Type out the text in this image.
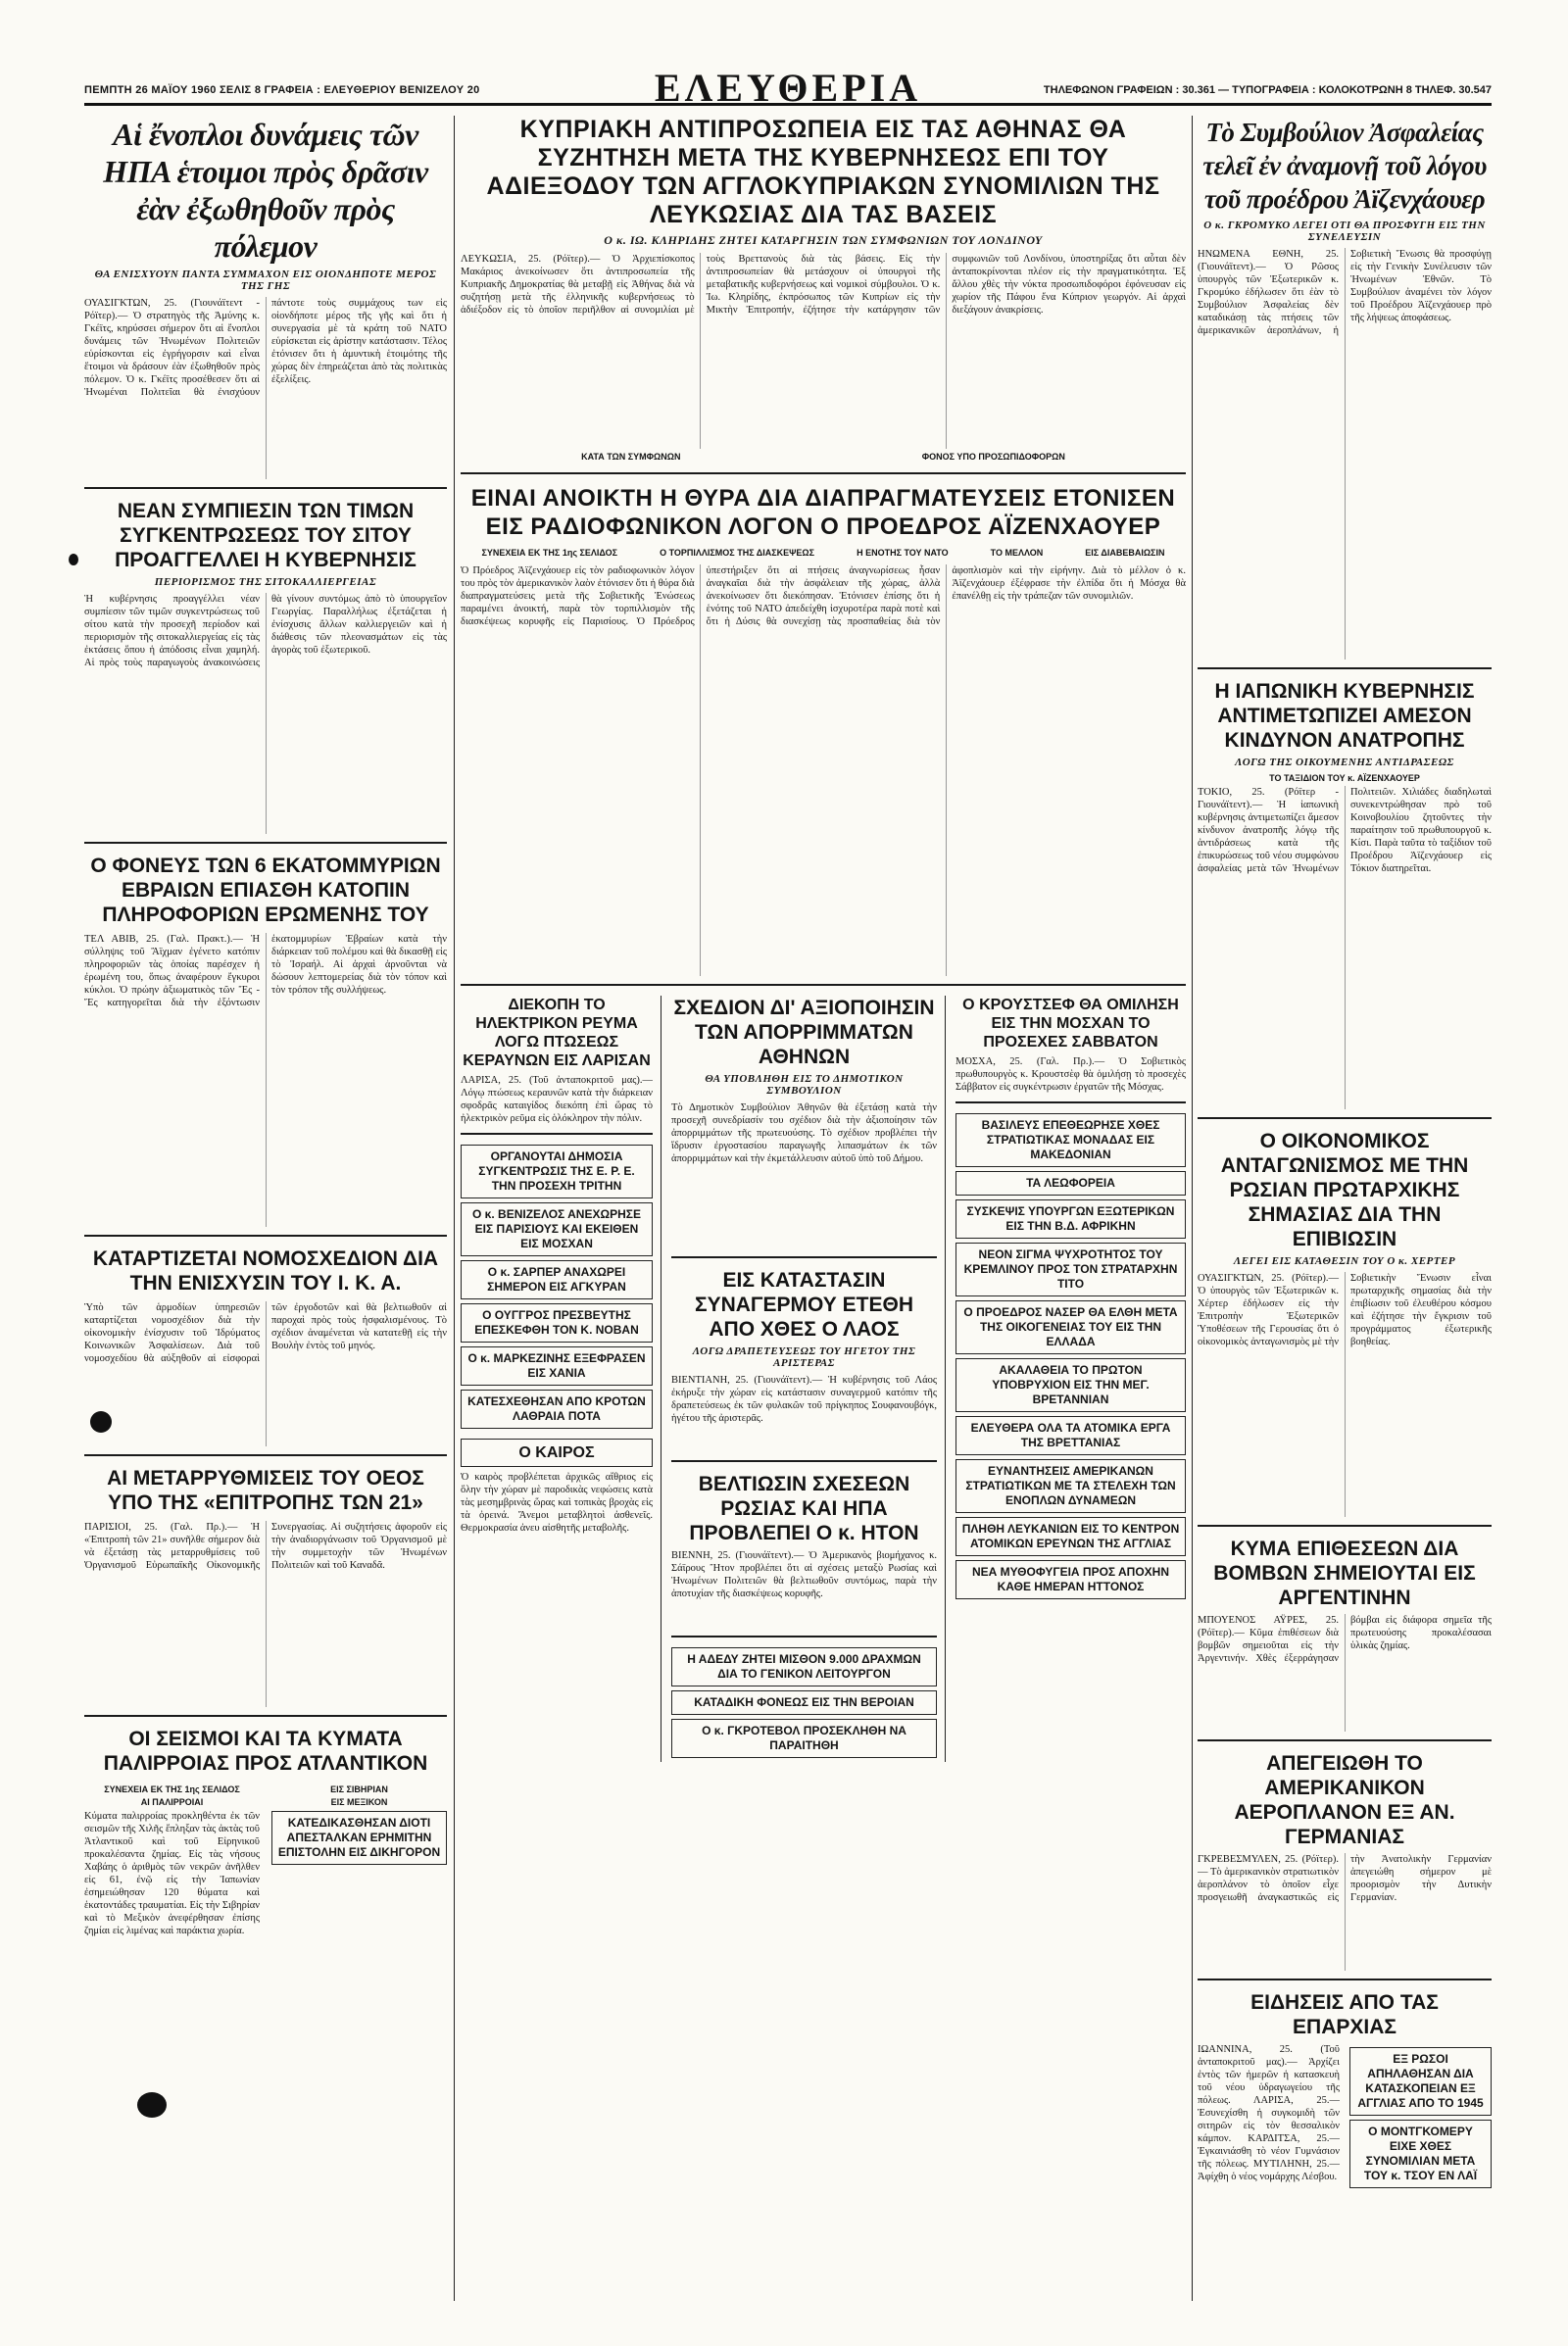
ΠΕΜΠΤΗ 26 ΜΑΪΟΥ 1960 ΣΕΛΙΣ 8 ΓΡΑΦΕΙΑ : ΕΛΕΥΘΕΡΙΟΥ ΒΕΝΙΖΕΛΟΥ 20	ΕΛΕΥΘΕΡΙΑ	ΤΗΛΕΦΩΝΟΝ ΓΡΑΦΕΙΩΝ : 30.361 — ΤΥΠΟΓΡΑΦΕΙΑ : ΚΟΛΟΚΟΤΡΩΝΗ 8 ΤΗΛΕΦ. 30.547
Αἱ ἔνοπλοι δυνάμεις τῶν ΗΠΑ ἑτοιμοι πρὸς δρᾶσιν ἐὰν ἐξωθηθοῦν πρὸς πόλεμον
ΘΑ ΕΝΙΣΧΥΟΥΝ ΠΑΝΤΑ ΣΥΜΜΑΧΟΝ ΕΙΣ ΟΙΟΝΔΗΠΟΤΕ ΜΕΡΟΣ ΤΗΣ ΓΗΣ
ΟΥΑΣΙΓΚΤΩΝ, 25. (Γιουνάϊτεντ - Ρόϊτερ).— Ὁ στρατηγὸς τῆς Ἀμύνης κ. Γκέϊτς, κηρύσσει σήμερον ὅτι αἱ ἔνοπλοι δυνάμεις τῶν Ἡνωμένων Πολιτειῶν εὑρίσκονται εἰς ἐγρήγορσιν καὶ εἶναι ἕτοιμοι νὰ δράσουν ἐὰν ἐξωθηθοῦν πρὸς πόλεμον. Ὁ κ. Γκέϊτς προσέθεσεν ὅτι αἱ Ἡνωμέναι Πολιτεῖαι θὰ ἐνισχύουν πάντοτε τοὺς συμμάχους των εἰς οἱονδήποτε μέρος τῆς γῆς καὶ ὅτι ἡ συνεργασία μὲ τὰ κράτη τοῦ ΝΑΤΟ εὑρίσκεται εἰς ἀρίστην κατάστασιν. Τέλος ἐτόνισεν ὅτι ἡ ἀμυντικὴ ἑτοιμότης τῆς χώρας δὲν ἐπηρεάζεται ἀπὸ τὰς πολιτικὰς ἐξελίξεις.
ΝΕΑΝ ΣΥΜΠΙΕΣΙΝ ΤΩΝ ΤΙΜΩΝ ΣΥΓΚΕΝΤΡΩΣΕΩΣ ΤΟΥ ΣΙΤΟΥ ΠΡΟΑΓΓΕΛΛΕΙ Η ΚΥΒΕΡΝΗΣΙΣ
ΠΕΡΙΟΡΙΣΜΟΣ ΤΗΣ ΣΙΤΟΚΑΛΛΙΕΡΓΕΙΑΣ
Ἡ κυβέρνησις προαγγέλλει νέαν συμπίεσιν τῶν τιμῶν συγκεντρώσεως τοῦ σίτου κατὰ τὴν προσεχῆ περίοδον καὶ περιορισμὸν τῆς σιτοκαλλιεργείας εἰς τὰς ἐκτάσεις ὅπου ἡ ἀπόδοσις εἶναι χαμηλή. Αἱ πρὸς τοὺς παραγωγοὺς ἀνακοινώσεις θὰ γίνουν συντόμως ἀπὸ τὸ ὑπουργεῖον Γεωργίας. Παραλλήλως ἐξετάζεται ἡ ἐνίσχυσις ἄλλων καλλιεργειῶν καὶ ἡ διάθεσις τῶν πλεονασμάτων εἰς τὰς ἀγορὰς τοῦ ἐξωτερικοῦ.
Ο ΦΟΝΕΥΣ ΤΩΝ 6 ΕΚΑΤΟΜΜΥΡΙΩΝ ΕΒΡΑΙΩΝ ΕΠΙΑΣΘΗ ΚΑΤΟΠΙΝ ΠΛΗΡΟΦΟΡΙΩΝ ΕΡΩΜΕΝΗΣ ΤΟΥ
ΤΕΛ ΑΒΙΒ, 25. (Γαλ. Πρακτ.).— Ἡ σύλληψις τοῦ Ἄϊχμαν ἐγένετο κατόπιν πληροφοριῶν τὰς ὁποίας παρέσχεν ἡ ἐρωμένη του, ὅπως ἀναφέρουν ἔγκυροι κύκλοι. Ὁ πρώην ἀξιωματικὸς τῶν Ἔς - Ἔς κατηγορεῖται διὰ τὴν ἐξόντωσιν ἑκατομμυρίων Ἑβραίων κατὰ τὴν διάρκειαν τοῦ πολέμου καὶ θὰ δικασθῇ εἰς τὸ Ἰσραήλ. Αἱ ἀρχαὶ ἀρνοῦνται νὰ δώσουν λεπτομερείας διὰ τὸν τόπον καὶ τὸν τρόπον τῆς συλλήψεως.
ΚΑΤΑΡΤΙΖΕΤΑΙ ΝΟΜΟΣΧΕΔΙΟΝ ΔΙΑ ΤΗΝ ΕΝΙΣΧΥΣΙΝ ΤΟΥ Ι. Κ. Α.
Ὑπὸ τῶν ἁρμοδίων ὑπηρεσιῶν καταρτίζεται νομοσχέδιον διὰ τὴν οἰκονομικὴν ἐνίσχυσιν τοῦ Ἱδρύματος Κοινωνικῶν Ἀσφαλίσεων. Διὰ τοῦ νομοσχεδίου θὰ αὐξηθοῦν αἱ εἰσφοραὶ τῶν ἐργοδοτῶν καὶ θὰ βελτιωθοῦν αἱ παροχαὶ πρὸς τοὺς ἠσφαλισμένους. Τὸ σχέδιον ἀναμένεται νὰ κατατεθῇ εἰς τὴν Βουλὴν ἐντὸς τοῦ μηνός.
ΑΙ ΜΕΤΑΡΡΥΘΜΙΣΕΙΣ ΤΟΥ ΟΕΟΣ ΥΠΟ ΤΗΣ «ΕΠΙΤΡΟΠΗΣ ΤΩΝ 21»
ΠΑΡΙΣΙΟΙ, 25. (Γαλ. Πρ.).— Ἡ «Ἐπιτροπὴ τῶν 21» συνῆλθε σήμερον διὰ νὰ ἐξετάσῃ τὰς μεταρρυθμίσεις τοῦ Ὀργανισμοῦ Εὐρωπαϊκῆς Οἰκονομικῆς Συνεργασίας. Αἱ συζητήσεις ἀφοροῦν εἰς τὴν ἀναδιοργάνωσιν τοῦ Ὀργανισμοῦ μὲ τὴν συμμετοχὴν τῶν Ἡνωμένων Πολιτειῶν καὶ τοῦ Καναδᾶ.
ΟΙ ΣΕΙΣΜΟΙ ΚΑΙ ΤΑ ΚΥΜΑΤΑ ΠΑΛΙΡΡΟΙΑΣ ΠΡΟΣ ΑΤΛΑΝΤΙΚΟΝ
ΣΥΝΕΧΕΙΑ ΕΚ ΤΗΣ 1ης ΣΕΛΙΔΟΣ
ΑΙ ΠΑΛΙΡΡΟΙΑΙ
Κύματα παλιρροίας προκληθέντα ἐκ τῶν σεισμῶν τῆς Χιλῆς ἔπληξαν τὰς ἀκτὰς τοῦ Ἀτλαντικοῦ καὶ τοῦ Εἰρηνικοῦ προκαλέσαντα ζημίας. Εἰς τὰς νήσους Χαβάης ὁ ἀριθμὸς τῶν νεκρῶν ἀνῆλθεν εἰς 61, ἐνῷ εἰς τὴν Ἰαπωνίαν ἐσημειώθησαν 120 θύματα καὶ ἑκατοντάδες τραυματίαι. Εἰς τὴν Σιβηρίαν καὶ τὸ Μεξικὸν ἀνεφέρθησαν ἐπίσης ζημίαι εἰς λιμένας καὶ παράκτια χωρία.
ΕΙΣ ΣΙΒΗΡΙΑΝ
ΕΙΣ ΜΕΞΙΚΟΝ
ΚΑΤΕΔΙΚΑΣΘΗΣΑΝ ΔΙΟΤΙ ΑΠΕΣΤΑΛΚΑΝ ΕΡΗΜΙΤΗΝ ΕΠΙΣΤΟΛΗΝ ΕΙΣ ΔΙΚΗΓΟΡΟΝ
ΚΥΠΡΙΑΚΗ ΑΝΤΙΠΡΟΣΩΠΕΙΑ ΕΙΣ ΤΑΣ ΑΘΗΝΑΣ ΘΑ ΣΥΖΗΤΗΣΗ ΜΕΤΑ ΤΗΣ ΚΥΒΕΡΝΗΣΕΩΣ ΕΠΙ ΤΟΥ ΑΔΙΕΞΟΔΟΥ ΤΩΝ ΑΓΓΛΟΚΥΠΡΙΑΚΩΝ ΣΥΝΟΜΙΛΙΩΝ ΤΗΣ ΛΕΥΚΩΣΙΑΣ ΔΙΑ ΤΑΣ ΒΑΣΕΙΣ
Ο κ. ΙΩ. ΚΛΗΡΙΔΗΣ ΖΗΤΕΙ ΚΑΤΑΡΓΗΣΙΝ ΤΩΝ ΣΥΜΦΩΝΙΩΝ ΤΟΥ ΛΟΝΔΙΝΟΥ
ΛΕΥΚΩΣΙΑ, 25. (Ρόϊτερ).— Ὁ Ἀρχιεπίσκοπος Μακάριος ἀνεκοίνωσεν ὅτι ἀντιπροσωπεία τῆς Κυπριακῆς Δημοκρατίας θὰ μεταβῇ εἰς Ἀθήνας διὰ νὰ συζητήσῃ μετὰ τῆς ἑλληνικῆς κυβερνήσεως τὸ ἀδιέξοδον εἰς τὸ ὁποῖον περιῆλθον αἱ συνομιλίαι μὲ τοὺς Βρεττανοὺς διὰ τὰς βάσεις. Εἰς τὴν ἀντιπροσωπείαν θὰ μετάσχουν οἱ ὑπουργοὶ τῆς μεταβατικῆς κυβερνήσεως καὶ νομικοὶ σύμβουλοι. Ὁ κ. Ἰω. Κληρίδης, ἐκπρόσωπος τῶν Κυπρίων εἰς τὴν Μικτὴν Ἐπιτροπήν, ἐζήτησε τὴν κατάργησιν τῶν συμφωνιῶν τοῦ Λονδίνου, ὑποστηρίξας ὅτι αὗται δὲν ἀνταποκρίνονται πλέον εἰς τὴν πραγματικότητα. Ἐξ ἄλλου χθὲς τὴν νύκτα προσωπιδοφόροι ἐφόνευσαν εἰς χωρίον τῆς Πάφου ἕνα Κύπριον γεωργόν. Αἱ ἀρχαὶ διεξάγουν ἀνακρίσεις.
ΚΑΤΑ ΤΩΝ ΣΥΜΦΩΝΩΝ	ΦΟΝΟΣ ΥΠΟ ΠΡΟΣΩΠΙΔΟΦΟΡΩΝ
ΕΙΝΑΙ ΑΝΟΙΚΤΗ Η ΘΥΡΑ ΔΙΑ ΔΙΑΠΡΑΓΜΑΤΕΥΣΕΙΣ ΕΤΟΝΙΣΕΝ ΕΙΣ ΡΑΔΙΟΦΩΝΙΚΟΝ ΛΟΓΟΝ Ο ΠΡΟΕΔΡΟΣ ΑΪΖΕΝΧΑΟΥΕΡ
ΣΥΝΕΧΕΙΑ ΕΚ ΤΗΣ 1ης ΣΕΛΙΔΟΣ	Ο ΤΟΡΠΙΛΛΙΣΜΟΣ ΤΗΣ ΔΙΑΣΚΕΨΕΩΣ	Η ΕΝΟΤΗΣ ΤΟΥ ΝΑΤΟ	ΤΟ ΜΕΛΛΟΝ	ΕΙΣ ΔΙΑΒΕΒΑΙΩΣΙΝ
Ὁ Πρόεδρος Ἀϊζενχάουερ εἰς τὸν ραδιοφωνικὸν λόγον του πρὸς τὸν ἀμερικανικὸν λαὸν ἐτόνισεν ὅτι ἡ θύρα διὰ διαπραγματεύσεις μετὰ τῆς Σοβιετικῆς Ἑνώσεως παραμένει ἀνοικτή, παρὰ τὸν τορπιλλισμὸν τῆς διασκέψεως κορυφῆς εἰς Παρισίους. Ὁ Πρόεδρος ὑπεστήριξεν ὅτι αἱ πτήσεις ἀναγνωρίσεως ἦσαν ἀναγκαῖαι διὰ τὴν ἀσφάλειαν τῆς χώρας, ἀλλὰ ἀνεκοίνωσεν ὅτι διεκόπησαν. Ἐτόνισεν ἐπίσης ὅτι ἡ ἑνότης τοῦ ΝΑΤΟ ἀπεδείχθη ἰσχυροτέρα παρὰ ποτὲ καὶ ὅτι ἡ Δύσις θὰ συνεχίσῃ τὰς προσπαθείας διὰ τὸν ἀφοπλισμὸν καὶ τὴν εἰρήνην. Διὰ τὸ μέλλον ὁ κ. Ἀϊζενχάουερ ἐξέφρασε τὴν ἐλπίδα ὅτι ἡ Μόσχα θὰ ἐπανέλθῃ εἰς τὴν τράπεζαν τῶν συνομιλιῶν.
ΔΙΕΚΟΠΗ ΤΟ ΗΛΕΚΤΡΙΚΟΝ ΡΕΥΜΑ ΛΟΓΩ ΠΤΩΣΕΩΣ ΚΕΡΑΥΝΩΝ ΕΙΣ ΛΑΡΙΣΑΝ
ΛΑΡΙΣΑ, 25. (Τοῦ ἀνταποκριτοῦ μας).— Λόγῳ πτώσεως κεραυνῶν κατὰ τὴν διάρκειαν σφοδρᾶς καταιγίδος διεκόπη ἐπὶ ὥρας τὸ ἠλεκτρικὸν ρεῦμα εἰς ὁλόκληρον τὴν πόλιν.
ΟΡΓΑΝΟΥΤΑΙ ΔΗΜΟΣΙΑ ΣΥΓΚΕΝΤΡΩΣΙΣ ΤΗΣ Ε. Ρ. Ε. ΤΗΝ ΠΡΟΣΕΧΗ ΤΡΙΤΗΝ
Ο κ. ΒΕΝΙΖΕΛΟΣ ΑΝΕΧΩΡΗΣΕ ΕΙΣ ΠΑΡΙΣΙΟΥΣ ΚΑΙ ΕΚΕΙΘΕΝ ΕΙΣ ΜΟΣΧΑΝ
Ο κ. ΣΑΡΠΕΡ ΑΝΑΧΩΡΕΙ ΣΗΜΕΡΟΝ ΕΙΣ ΑΓΚΥΡΑΝ
Ο ΟΥΓΓΡΟΣ ΠΡΕΣΒΕΥΤΗΣ ΕΠΕΣΚΕΦΘΗ ΤΟΝ Κ. ΝΟΒΑΝ
Ο κ. ΜΑΡΚΕΖΙΝΗΣ ΕΞΕΦΡΑΣΕΝ ΕΙΣ ΧΑΝΙΑ
ΚΑΤΕΣΧΕΘΗΣΑΝ ΑΠΟ ΚΡΟΤΩΝ ΛΑΘΡΑΙΑ ΠΟΤΑ
Ο ΚΑΙΡΟΣ
Ὁ καιρὸς προβλέπεται ἀρχικῶς αἴθριος εἰς ὅλην τὴν χώραν μὲ παροδικὰς νεφώσεις κατὰ τὰς μεσημβρινὰς ὥρας καὶ τοπικὰς βροχὰς εἰς τὰ ὀρεινά. Ἄνεμοι μεταβλητοὶ ἀσθενεῖς. Θερμοκρασία ἀνευ αἰσθητῆς μεταβολῆς.
ΣΧΕΔΙΟΝ ΔΙ' ΑΞΙΟΠΟΙΗΣΙΝ ΤΩΝ ΑΠΟΡΡΙΜΜΑΤΩΝ ΑΘΗΝΩΝ
ΘΑ ΥΠΟΒΛΗΘΗ ΕΙΣ ΤΟ ΔΗΜΟΤΙΚΟΝ ΣΥΜΒΟΥΛΙΟΝ
Τὸ Δημοτικὸν Συμβούλιον Ἀθηνῶν θὰ ἐξετάσῃ κατὰ τὴν προσεχῆ συνεδρίασίν του σχέδιον διὰ τὴν ἀξιοποίησιν τῶν ἀπορριμμάτων τῆς πρωτευούσης. Τὸ σχέδιον προβλέπει τὴν ἵδρυσιν ἐργοστασίου παραγωγῆς λιπασμάτων ἐκ τῶν ἀπορριμμάτων καὶ τὴν ἐκμετάλλευσιν αὐτοῦ ὑπὸ τοῦ Δήμου.
ΕΙΣ ΚΑΤΑΣΤΑΣΙΝ ΣΥΝΑΓΕΡΜΟΥ ΕΤΕΘΗ ΑΠΟ ΧΘΕΣ Ο ΛΑΟΣ
ΛΟΓΩ ΔΡΑΠΕΤΕΥΣΕΩΣ ΤΟΥ ΗΓΕΤΟΥ ΤΗΣ ΑΡΙΣΤΕΡΑΣ
ΒΙΕΝΤΙΑΝΗ, 25. (Γιουνάϊτεντ).— Ἡ κυβέρνησις τοῦ Λάος ἐκήρυξε τὴν χώραν εἰς κατάστασιν συναγερμοῦ κατόπιν τῆς δραπετεύσεως ἐκ τῶν φυλακῶν τοῦ πρίγκηπος Σουφανουβόγκ, ἡγέτου τῆς ἀριστερᾶς.
ΒΕΛΤΙΩΣΙΝ ΣΧΕΣΕΩΝ ΡΩΣΙΑΣ ΚΑΙ ΗΠΑ ΠΡΟΒΛΕΠΕΙ Ο κ. ΗΤΟΝ
ΒΙΕΝΝΗ, 25. (Γιουνάϊτεντ).— Ὁ Ἀμερικανὸς βιομήχανος κ. Σάϊρους Ἤτον προβλέπει ὅτι αἱ σχέσεις μεταξὺ Ρωσίας καὶ Ἡνωμένων Πολιτειῶν θὰ βελτιωθοῦν συντόμως, παρὰ τὴν ἀποτυχίαν τῆς διασκέψεως κορυφῆς.
Η ΑΔΕΔΥ ΖΗΤΕΙ ΜΙΣΘΟΝ 9.000 ΔΡΑΧΜΩΝ ΔΙΑ ΤΟ ΓΕΝΙΚΟΝ ΛΕΙΤΟΥΡΓΟΝ
ΚΑΤΑΔΙΚΗ ΦΟΝΕΩΣ ΕΙΣ ΤΗΝ ΒΕΡΟΙΑΝ
Ο κ. ΓΚΡΟΤΕΒΟΛ ΠΡΟΣΕΚΛΗΘΗ ΝΑ ΠΑΡΑΙΤΗΘΗ
Ο ΚΡΟΥΣΤΣΕΦ ΘΑ ΟΜΙΛΗΣΗ ΕΙΣ ΤΗΝ ΜΟΣΧΑΝ ΤΟ ΠΡΟΣΕΧΕΣ ΣΑΒΒΑΤΟΝ
ΜΟΣΧΑ, 25. (Γαλ. Πρ.).— Ὁ Σοβιετικὸς πρωθυπουργὸς κ. Κρουστσὲφ θὰ ὁμιλήσῃ τὸ προσεχὲς Σάββατον εἰς συγκέντρωσιν ἐργατῶν τῆς Μόσχας.
ΒΑΣΙΛΕΥΣ ΕΠΕΘΕΩΡΗΣΕ ΧΘΕΣ ΣΤΡΑΤΙΩΤΙΚΑΣ ΜΟΝΑΔΑΣ ΕΙΣ ΜΑΚΕΔΟΝΙΑΝ
ΤΑ ΛΕΩΦΟΡΕΙΑ
ΣΥΣΚΕΨΙΣ ΥΠΟΥΡΓΩΝ ΕΞΩΤΕΡΙΚΩΝ ΕΙΣ ΤΗΝ Β.Δ. ΑΦΡΙΚΗΝ
ΝΕΟΝ ΣΙΓΜΑ ΨΥΧΡΟΤΗΤΟΣ ΤΟΥ ΚΡΕΜΛΙΝΟΥ ΠΡΟΣ ΤΟΝ ΣΤΡΑΤΑΡΧΗΝ ΤΙΤΟ
Ο ΠΡΟΕΔΡΟΣ ΝΑΣΕΡ ΘΑ ΕΛΘΗ ΜΕΤΑ ΤΗΣ ΟΙΚΟΓΕΝΕΙΑΣ ΤΟΥ ΕΙΣ ΤΗΝ ΕΛΛΑΔΑ
ΑΚΑΛΑΘΕΙΑ ΤΟ ΠΡΩΤΟΝ ΥΠΟΒΡΥΧΙΟΝ ΕΙΣ ΤΗΝ ΜΕΓ. ΒΡΕΤΑΝΝΙΑΝ
ΕΛΕΥΘΕΡΑ ΟΛΑ ΤΑ ΑΤΟΜΙΚΑ ΕΡΓΑ ΤΗΣ ΒΡΕΤΤΑΝΙΑΣ
ΕΥΝΑΝΤΗΣΕΙΣ ΑΜΕΡΙΚΑΝΩΝ ΣΤΡΑΤΙΩΤΙΚΩΝ ΜΕ ΤΑ ΣΤΕΛΕΧΗ ΤΩΝ ΕΝΟΠΛΩΝ ΔΥΝΑΜΕΩΝ
ΠΛΗΘΗ ΛΕΥΚΑΝΙΩΝ ΕΙΣ ΤΟ ΚΕΝΤΡΟΝ ΑΤΟΜΙΚΩΝ ΕΡΕΥΝΩΝ ΤΗΣ ΑΓΓΛΙΑΣ
ΝΕΑ ΜΥΘΟΦΥΓΕΙΑ ΠΡΟΣ ΑΠΟΧΗΝ ΚΑΘΕ ΗΜΕΡΑΝ ΗΤΤΟΝΟΣ
Τὸ Συμβούλιον Ἀσφαλείας τελεῖ ἐν ἀναμονῇ τοῦ λόγου τοῦ προέδρου Ἀϊζενχάουερ
Ο κ. ΓΚΡΟΜΥΚΟ ΛΕΓΕΙ ΟΤΙ ΘΑ ΠΡΟΣΦΥΓΗ ΕΙΣ ΤΗΝ ΣΥΝΕΛΕΥΣΙΝ
ΗΝΩΜΕΝΑ ΕΘΝΗ, 25. (Γιουνάϊτεντ).— Ὁ Ρῶσος ὑπουργὸς τῶν Ἐξωτερικῶν κ. Γκρομύκο ἐδήλωσεν ὅτι ἐὰν τὸ Συμβούλιον Ἀσφαλείας δὲν καταδικάσῃ τὰς πτήσεις τῶν ἀμερικανικῶν ἀεροπλάνων, ἡ Σοβιετικὴ Ἕνωσις θὰ προσφύγῃ εἰς τὴν Γενικὴν Συνέλευσιν τῶν Ἡνωμένων Ἐθνῶν. Τὸ Συμβούλιον ἀναμένει τὸν λόγον τοῦ Προέδρου Ἀϊζενχάουερ πρὸ τῆς λήψεως ἀποφάσεως.
Η ΙΑΠΩΝΙΚΗ ΚΥΒΕΡΝΗΣΙΣ ΑΝΤΙΜΕΤΩΠΙΖΕΙ ΑΜΕΣΟΝ ΚΙΝΔΥΝΟΝ ΑΝΑΤΡΟΠΗΣ
ΛΟΓΩ ΤΗΣ ΟΙΚΟΥΜΕΝΗΣ ΑΝΤΙΔΡΑΣΕΩΣ
ΤΟ ΤΑΞΙΔΙΟΝ ΤΟΥ κ. ΑΪΖΕΝΧΑΟΥΕΡ
ΤΟΚΙΟ, 25. (Ρόϊτερ - Γιουνάϊτεντ).— Ἡ ἰαπωνικὴ κυβέρνησις ἀντιμετωπίζει ἄμεσον κίνδυνον ἀνατροπῆς λόγῳ τῆς ἀντιδράσεως κατὰ τῆς ἐπικυρώσεως τοῦ νέου συμφώνου ἀσφαλείας μετὰ τῶν Ἡνωμένων Πολιτειῶν. Χιλιάδες διαδηλωταὶ συνεκεντρώθησαν πρὸ τοῦ Κοινοβουλίου ζητοῦντες τὴν παραίτησιν τοῦ πρωθυπουργοῦ κ. Κίσι. Παρὰ ταῦτα τὸ ταξίδιον τοῦ Προέδρου Ἀϊζενχάουερ εἰς Τόκιον διατηρεῖται.
Ο ΟΙΚΟΝΟΜΙΚΟΣ ΑΝΤΑΓΩΝΙΣΜΟΣ ΜΕ ΤΗΝ ΡΩΣΙΑΝ ΠΡΩΤΑΡΧΙΚΗΣ ΣΗΜΑΣΙΑΣ ΔΙΑ ΤΗΝ ΕΠΙΒΙΩΣΙΝ
ΛΕΓΕΙ ΕΙΣ ΚΑΤΑΘΕΣΙΝ ΤΟΥ Ο κ. ΧΕΡΤΕΡ
ΟΥΑΣΙΓΚΤΩΝ, 25. (Ρόϊτερ).— Ὁ ὑπουργὸς τῶν Ἐξωτερικῶν κ. Χέρτερ ἐδήλωσεν εἰς τὴν Ἐπιτροπὴν Ἐξωτερικῶν Ὑποθέσεων τῆς Γερουσίας ὅτι ὁ οἰκονομικὸς ἀνταγωνισμὸς μὲ τὴν Σοβιετικὴν Ἕνωσιν εἶναι πρωταρχικῆς σημασίας διὰ τὴν ἐπιβίωσιν τοῦ ἐλευθέρου κόσμου καὶ ἐζήτησε τὴν ἔγκρισιν τοῦ προγράμματος ἐξωτερικῆς βοηθείας.
ΚΥΜΑ ΕΠΙΘΕΣΕΩΝ ΔΙΑ ΒΟΜΒΩΝ ΣΗΜΕΙΟΥΤΑΙ ΕΙΣ ΑΡΓΕΝΤΙΝΗΝ
ΜΠΟΥΕΝΟΣ ΑΫΡΕΣ, 25. (Ρόϊτερ).— Κῦμα ἐπιθέσεων διὰ βομβῶν σημειοῦται εἰς τὴν Ἀργεντινήν. Χθὲς ἐξερράγησαν βόμβαι εἰς διάφορα σημεῖα τῆς πρωτευούσης προκαλέσασαι ὑλικὰς ζημίας.
ΑΠΕΓΕΙΩΘΗ ΤΟ ΑΜΕΡΙΚΑΝΙΚΟΝ ΑΕΡΟΠΛΑΝΟΝ ΕΞ ΑΝ. ΓΕΡΜΑΝΙΑΣ
ΓΚΡΕΒΕΣΜΥΛΕΝ, 25. (Ρόϊτερ).— Τὸ ἀμερικανικὸν στρατιωτικὸν ἀεροπλάνον τὸ ὁποῖον εἶχε προσγειωθῆ ἀναγκαστικῶς εἰς τὴν Ἀνατολικὴν Γερμανίαν ἀπεγειώθη σήμερον μὲ προορισμὸν τὴν Δυτικὴν Γερμανίαν.
ΕΙΔΗΣΕΙΣ ΑΠΟ ΤΑΣ ΕΠΑΡΧΙΑΣ
ΙΩΑΝΝΙΝΑ, 25. (Τοῦ ἀνταποκριτοῦ μας).— Ἀρχίζει ἐντὸς τῶν ἡμερῶν ἡ κατασκευὴ τοῦ νέου ὑδραγωγείου τῆς πόλεως. ΛΑΡΙΣΑ, 25.— Ἐσυνεχίσθη ἡ συγκομιδὴ τῶν σιτηρῶν εἰς τὸν θεσσαλικὸν κάμπον. ΚΑΡΔΙΤΣΑ, 25.— Ἐγκαινιάσθη τὸ νέον Γυμνάσιον τῆς πόλεως. ΜΥΤΙΛΗΝΗ, 25.— Ἀφίχθη ὁ νέος νομάρχης Λέσβου.
ΕΞ ΡΩΣΟΙ ΑΠΗΛΑΘΗΣΑΝ ΔΙΑ ΚΑΤΑΣΚΟΠΕΙΑΝ ΕΞ ΑΓΓΛΙΑΣ ΑΠΟ ΤΟ 1945
Ο ΜΟΝΤΓΚΟΜΕΡΥ ΕΙΧΕ ΧΘΕΣ ΣΥΝΟΜΙΛΙΑΝ ΜΕΤΑ ΤΟΥ κ. ΤΣΟΥ ΕΝ ΛΑΪ
